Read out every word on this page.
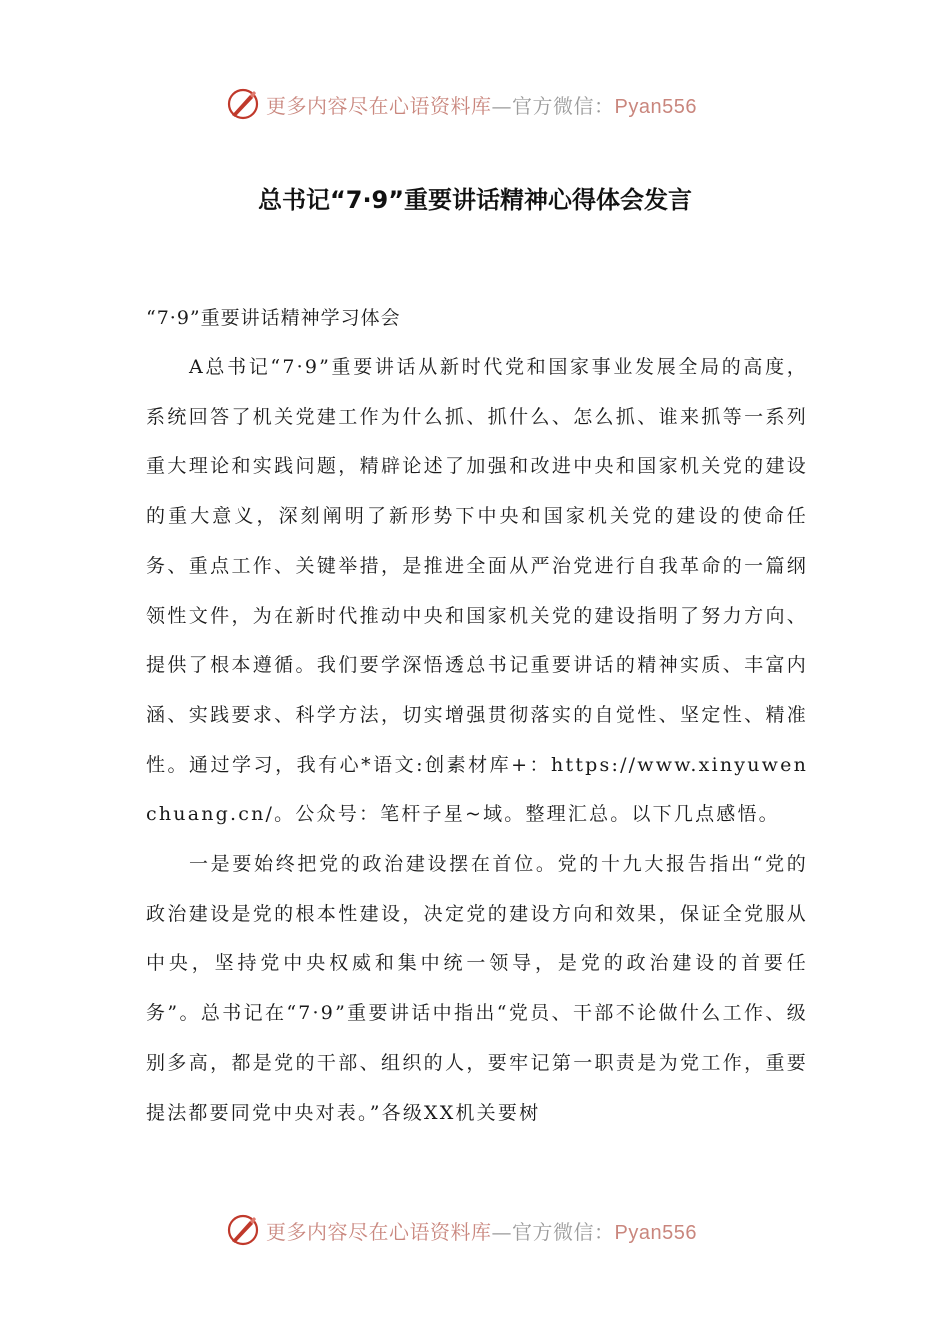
更多内容尽在心语资料库—官方微信：Pyan556
总书记“7·9”重要讲话精神心得体会发言

“7·9”重要讲话精神学习体会

A总书记“7·9”重要讲话从新时代党和国家事业发展全局的高度，系统回答了机关党建工作为什么抓、抓什么、怎么抓、谁来抓等一系列重大理论和实践问题，精辟论述了加强和改进中央和国家机关党的建设的重大意义，深刻阐明了新形势下中央和国家机关党的建设的使命任务、重点工作、关键举措，是推进全面从严治党进行自我革命的一篇纲领性文件，为在新时代推动中央和国家机关党的建设指明了努力方向、提供了根本遵循。我们要学深悟透总书记重要讲话的精神实质、丰富内涵、实践要求、科学方法，切实增强贯彻落实的自觉性、坚定性、精准性。通过学习，我有心*语文:创素材库+：https://www.xinyuwenchuang.cn/。公众号：笔杆子星~域。整理汇总。以下几点感悟。

一是要始终把党的政治建设摆在首位。党的十九大报告指出“党的政治建设是党的根本性建设，决定党的建设方向和效果，保证全党服从中央，坚持党中央权威和集中统一领导，是党的政治建设的首要任务”。总书记在“7·9”重要讲话中指出“党员、干部不论做什么工作、级别多高，都是党的干部、组织的人，要牢记第一职责是为党工作，重要提法都要同党中央对表。”各级XX机关要树

更多内容尽在心语资料库—官方微信：Pyan556
